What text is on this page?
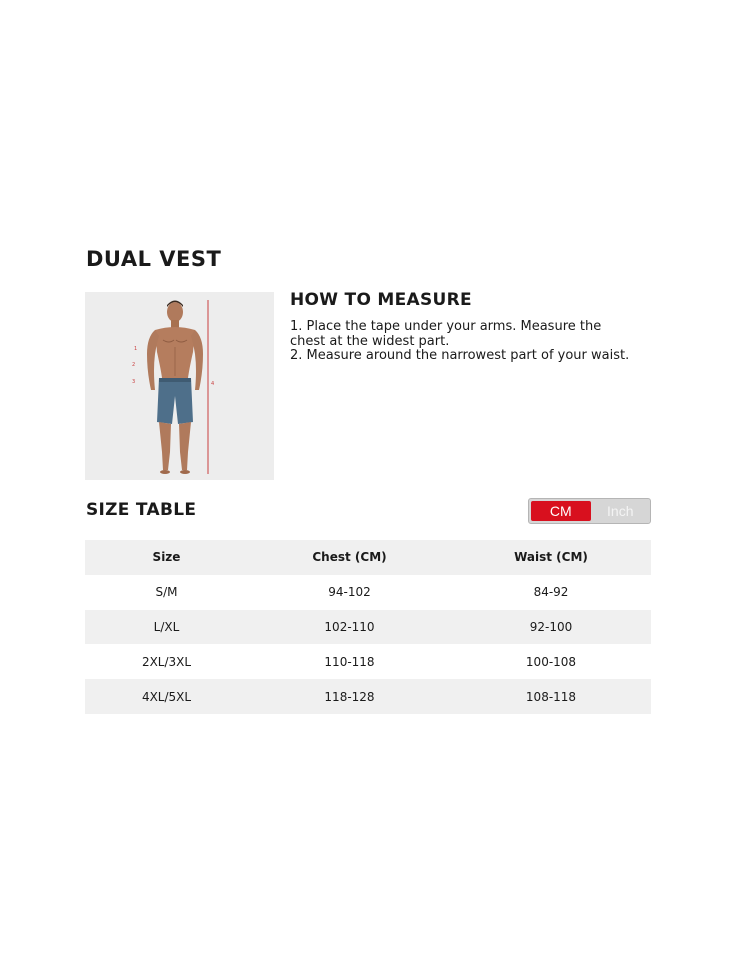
DUAL VEST
1
2
3	4
HOW TO MEASURE
1. Place the tape under your arms. Measure the chest at the widest part.
2. Measure around the narrowest part of your waist.
SIZE TABLE	CM	Inch
Size	Chest (CM)	Waist (CM)
S/M	94-102	84-92
L/XL	102-110	92-100
2XL/3XL	110-118	100-108
4XL/5XL	118-128	108-118
